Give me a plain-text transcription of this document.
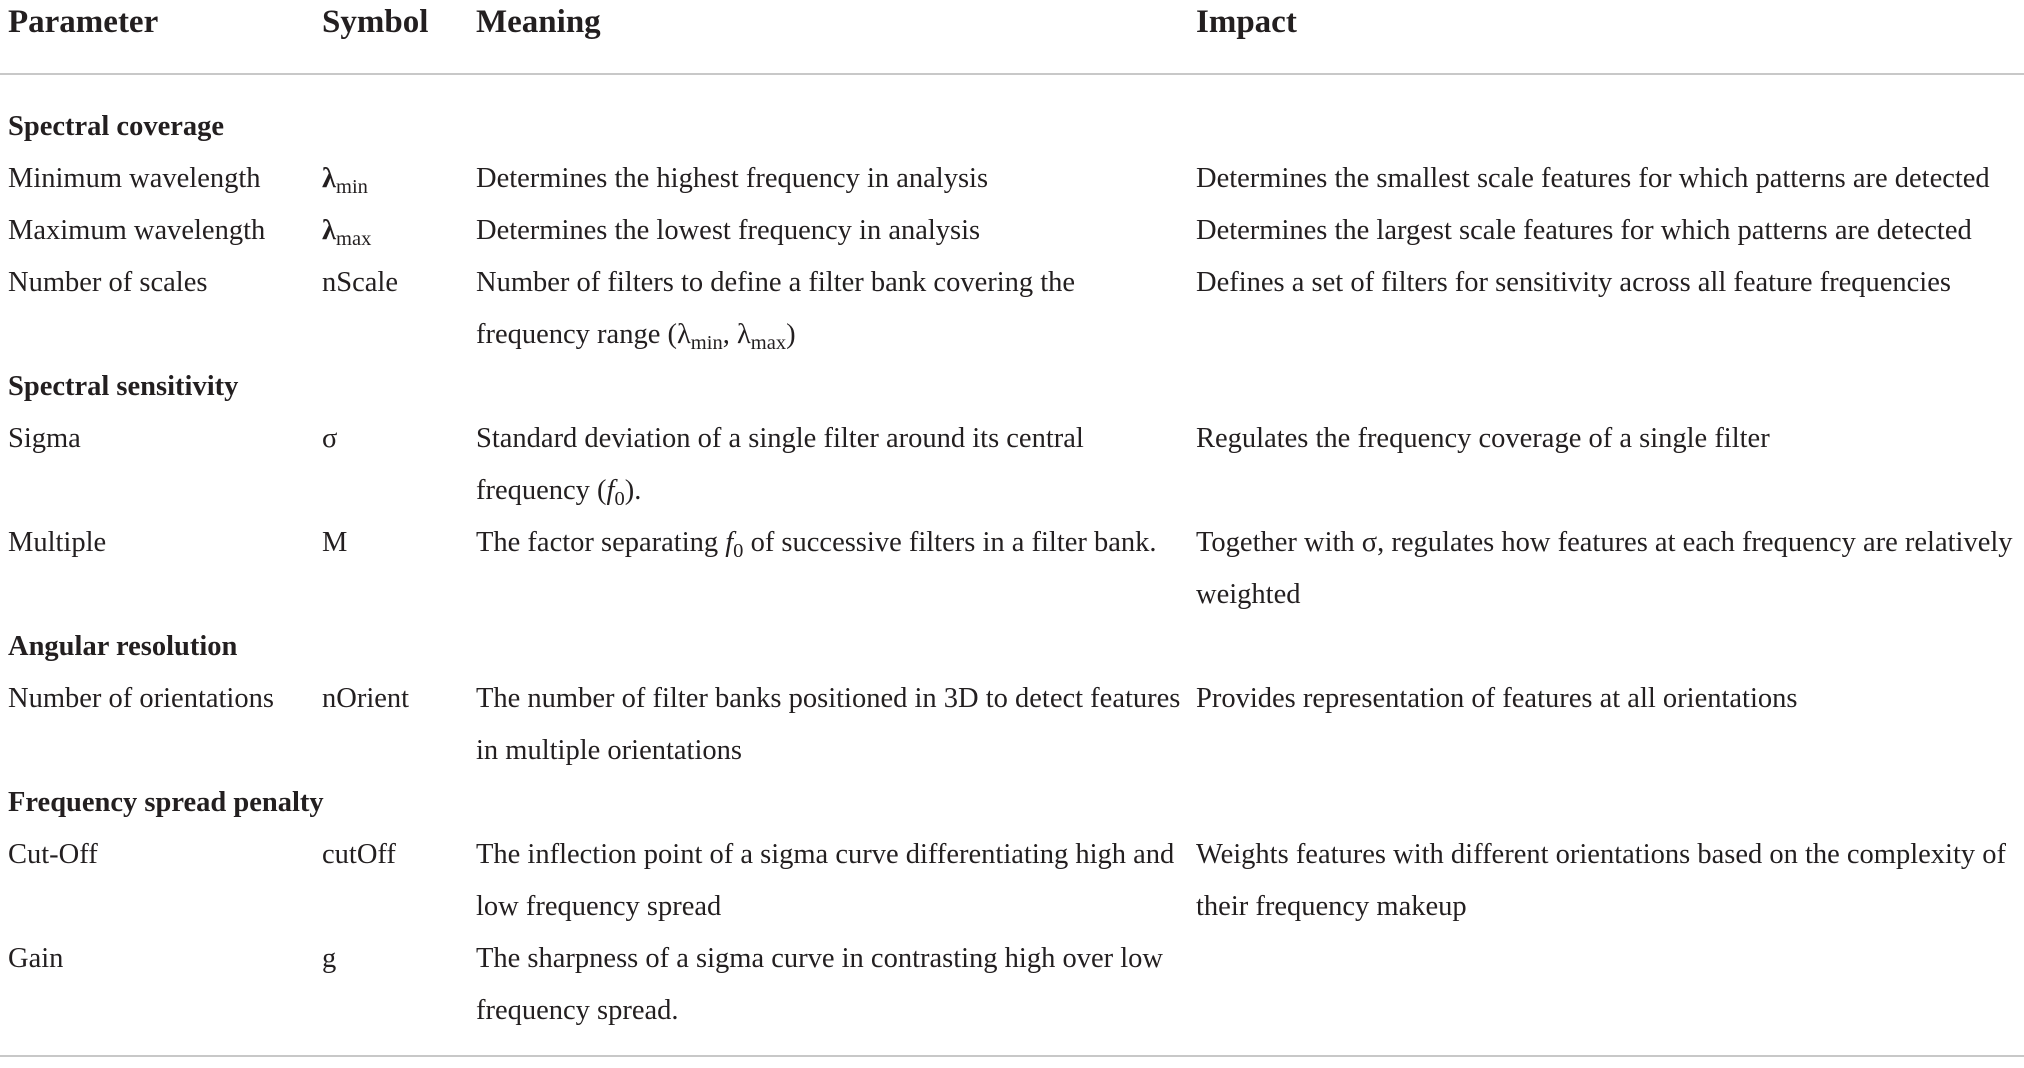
Parameter	Symbol	Meaning	Impact
Spectral coverage			
Minimum wavelength	$\lambda_{min}$	Determines the highest frequency in analysis	Determines the smallest scale features for which patterns are detected
Maximum wavelength	$\lambda_{max}$	Determines the lowest frequency in analysis	Determines the largest scale features for which patterns are detected
Number of scales	nScale	Number of filters to define a filter bank covering the frequency range ($\lambda_{min}$, $\lambda_{max}$)	Defines a set of filters for sensitivity across all feature frequencies
Spectral sensitivity			
Sigma	σ	Standard deviation of a single filter around its central frequency $(f_0)$.	Regulates the frequency coverage of a single filter
Multiple	M	The factor separating $f_0$ of successive filters in a filter bank.	Together with σ, regulates how features at each frequency are relatively weighted
Angular resolution			
Number of orientations	nOrient	The number of filter banks positioned in 3D to detect features in multiple orientations	Provides representation of features at all orientations
Frequency spread penalty			
Cut-Off	cutOff	The inflection point of a sigma curve differentiating high and low frequency spread	Weights features with different orientations based on the complexity of their frequency makeup
Gain	g	The sharpness of a sigma curve in contrasting high over low frequency spread.	
